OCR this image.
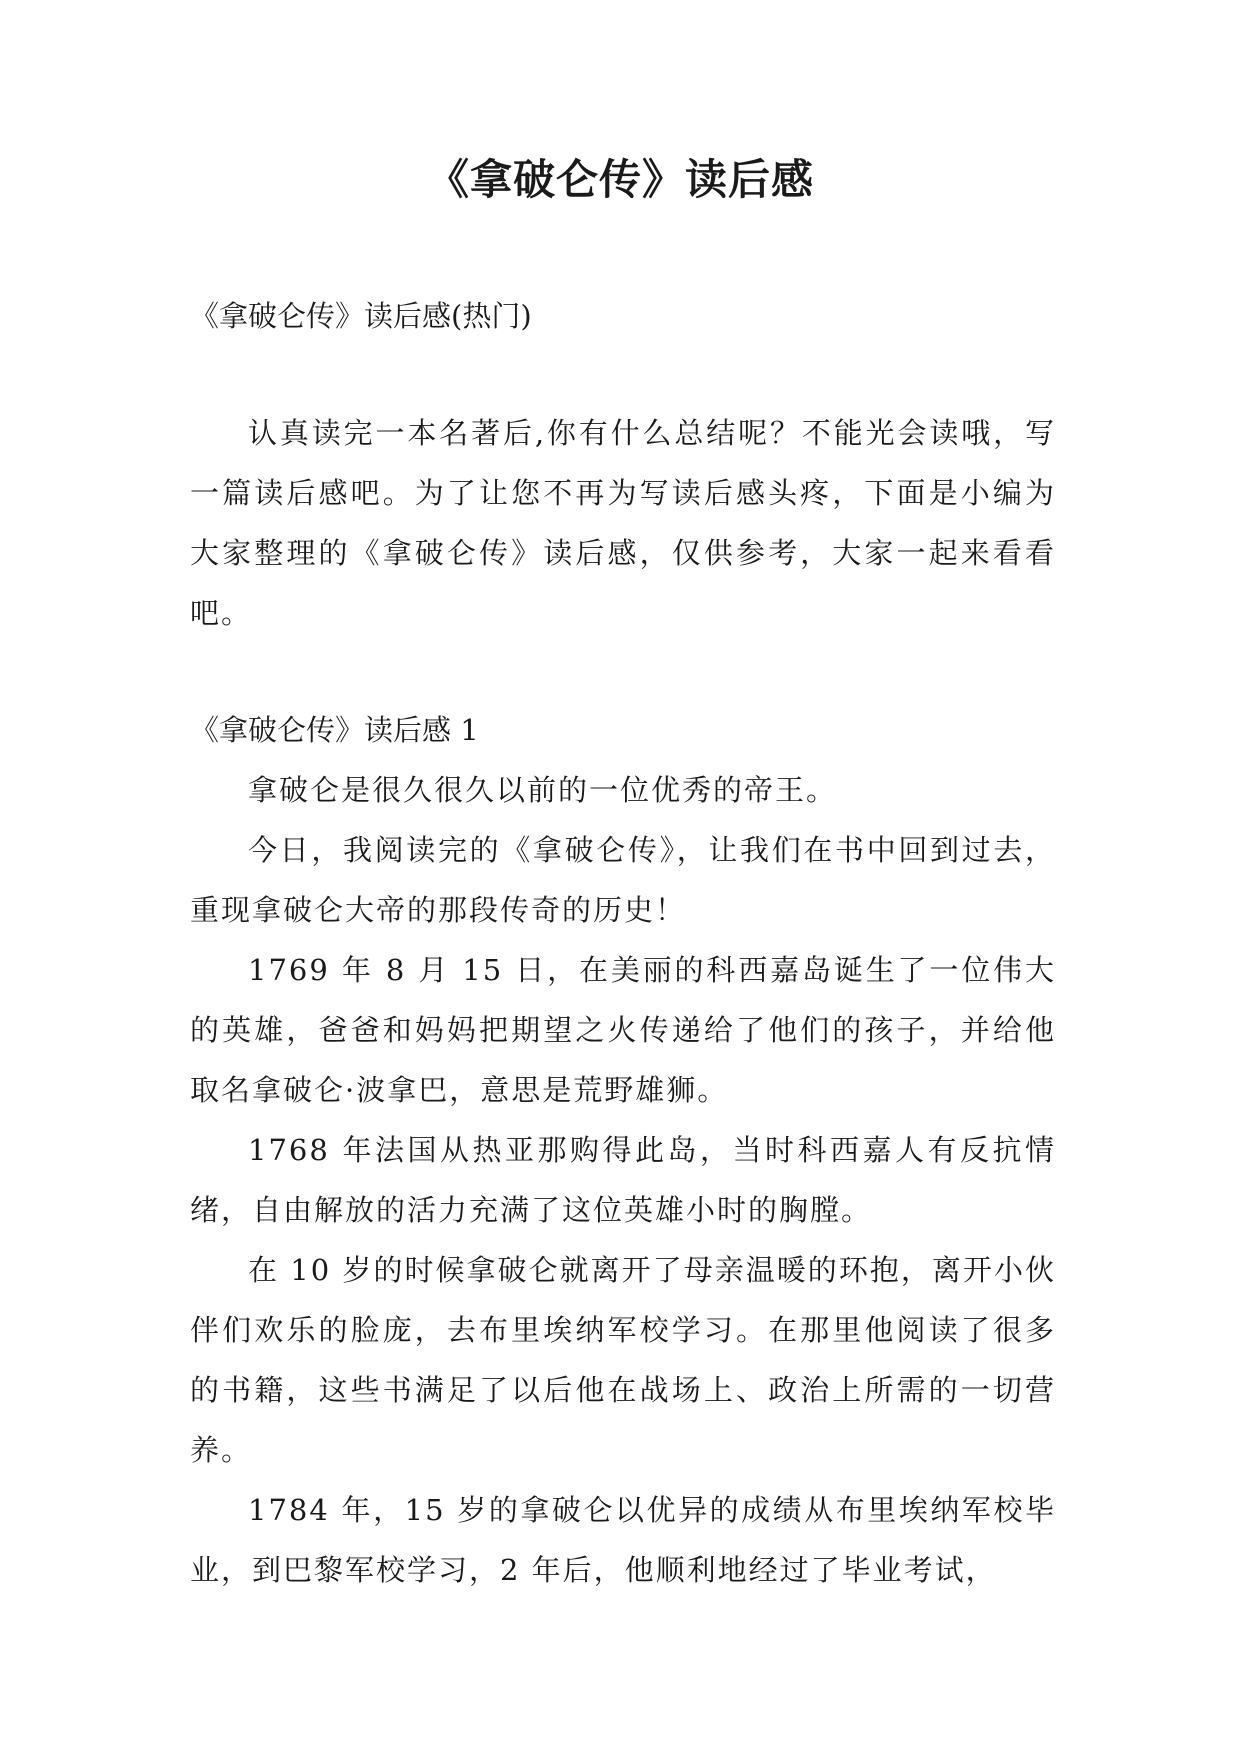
《拿破仑传》读后感

《拿破仑传》读后感(热门)

认真读完一本名著后,你有什么总结呢？不能光会读哦，写一篇读后感吧。为了让您不再为写读后感头疼，下面是小编为大家整理的《拿破仑传》读后感，仅供参考，大家一起来看看吧。

《拿破仑传》读后感 1

拿破仑是很久很久以前的一位优秀的帝王。

今日，我阅读完的《拿破仑传》，让我们在书中回到过去，重现拿破仑大帝的那段传奇的历史！

1769 年 8 月 15 日，在美丽的科西嘉岛诞生了一位伟大的英雄，爸爸和妈妈把期望之火传递给了他们的孩子，并给他取名拿破仑·波拿巴，意思是荒野雄狮。

1768 年法国从热亚那购得此岛，当时科西嘉人有反抗情绪，自由解放的活力充满了这位英雄小时的胸膛。

在 10 岁的时候拿破仑就离开了母亲温暖的环抱，离开小伙伴们欢乐的脸庞，去布里埃纳军校学习。在那里他阅读了很多的书籍，这些书满足了以后他在战场上、政治上所需的一切营养。

1784 年，15 岁的拿破仑以优异的成绩从布里埃纳军校毕业，到巴黎军校学习，2 年后，他顺利地经过了毕业考试，
